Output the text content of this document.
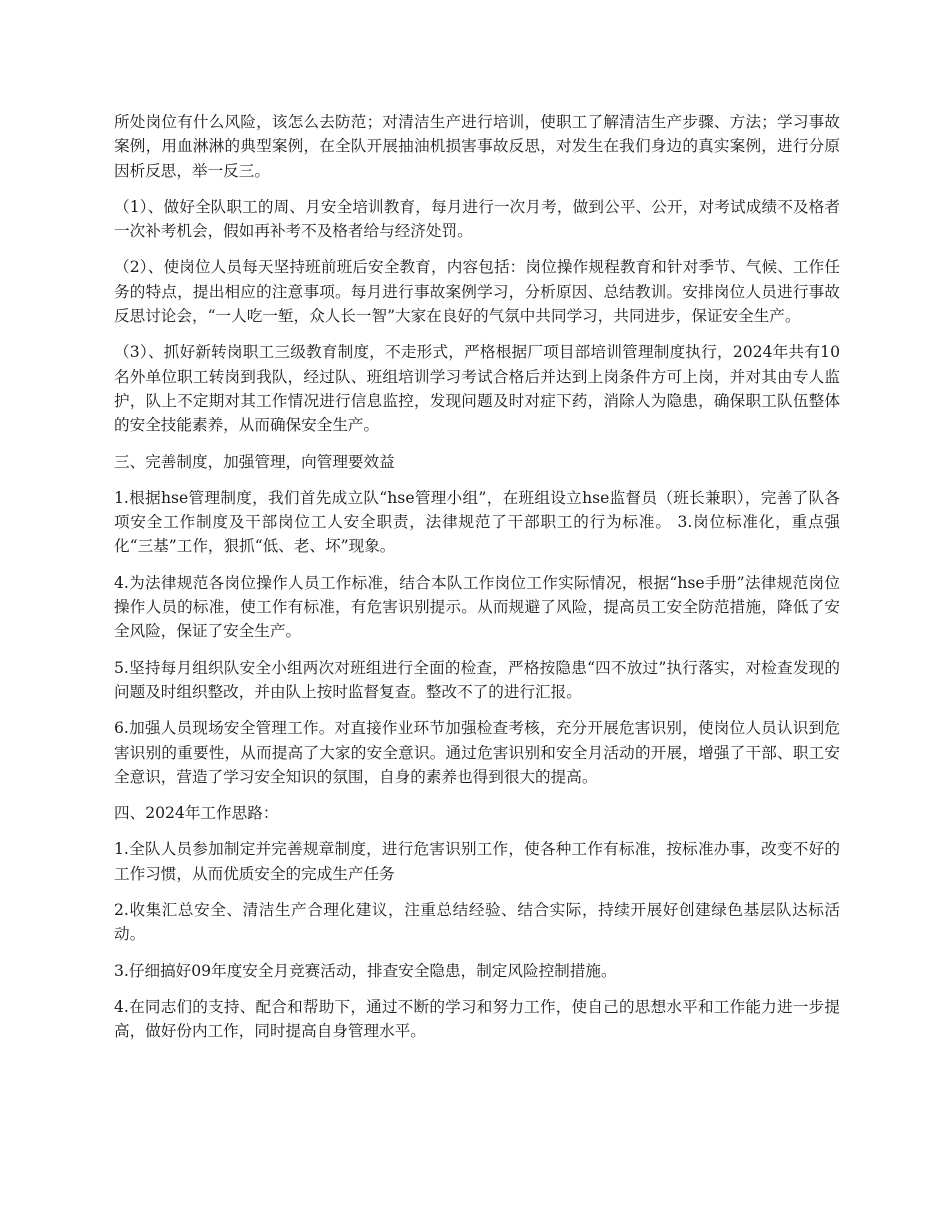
所处岗位有什么风险，该怎么去防范；对清洁生产进行培训，使职工了解清洁生产步骤、方法；学习事故案例，用血淋淋的典型案例，在全队开展抽油机损害事故反思，对发生在我们身边的真实案例，进行分原因析反思，举一反三。

（1）、做好全队职工的周、月安全培训教育，每月进行一次月考，做到公平、公开，对考试成绩不及格者一次补考机会，假如再补考不及格者给与经济处罚。

（2）、使岗位人员每天坚持班前班后安全教育，内容包括：岗位操作规程教育和针对季节、气候、工作任务的特点，提出相应的注意事项。每月进行事故案例学习，分析原因、总结教训。安排岗位人员进行事故反思讨论会，“一人吃一堑，众人长一智”大家在良好的气氛中共同学习，共同进步，保证安全生产。

（3）、抓好新转岗职工三级教育制度，不走形式，严格根据厂项目部培训管理制度执行，2024年共有10名外单位职工转岗到我队，经过队、班组培训学习考试合格后并达到上岗条件方可上岗，并对其由专人监护，队上不定期对其工作情况进行信息监控，发现问题及时对症下药，消除人为隐患，确保职工队伍整体的安全技能素养，从而确保安全生产。

三、完善制度，加强管理，向管理要效益

1.根据hse管理制度，我们首先成立队“hse管理小组”，在班组设立hse监督员（班长兼职），完善了队各项安全工作制度及干部岗位工人安全职责，法律规范了干部职工的行为标准。 3.岗位标准化，重点强化“三基”工作，狠抓“低、老、坏”现象。

4.为法律规范各岗位操作人员工作标准，结合本队工作岗位工作实际情况，根据“hse手册”法律规范岗位操作人员的标准，使工作有标准，有危害识别提示。从而规避了风险，提高员工安全防范措施，降低了安全风险，保证了安全生产。

5.坚持每月组织队安全小组两次对班组进行全面的检查，严格按隐患“四不放过”执行落实，对检查发现的问题及时组织整改，并由队上按时监督复查。整改不了的进行汇报。

6.加强人员现场安全管理工作。对直接作业环节加强检查考核，充分开展危害识别，使岗位人员认识到危害识别的重要性，从而提高了大家的安全意识。通过危害识别和安全月活动的开展，增强了干部、职工安全意识，营造了学习安全知识的氛围，自身的素养也得到很大的提高。

四、2024年工作思路：

1.全队人员参加制定并完善规章制度，进行危害识别工作，使各种工作有标准，按标准办事，改变不好的工作习惯，从而优质安全的完成生产任务

2.收集汇总安全、清洁生产合理化建议，注重总结经验、结合实际，持续开展好创建绿色基层队达标活动。

3.仔细搞好09年度安全月竞赛活动，排查安全隐患，制定风险控制措施。

4.在同志们的支持、配合和帮助下，通过不断的学习和努力工作，使自己的思想水平和工作能力进一步提高，做好份内工作，同时提高自身管理水平。
